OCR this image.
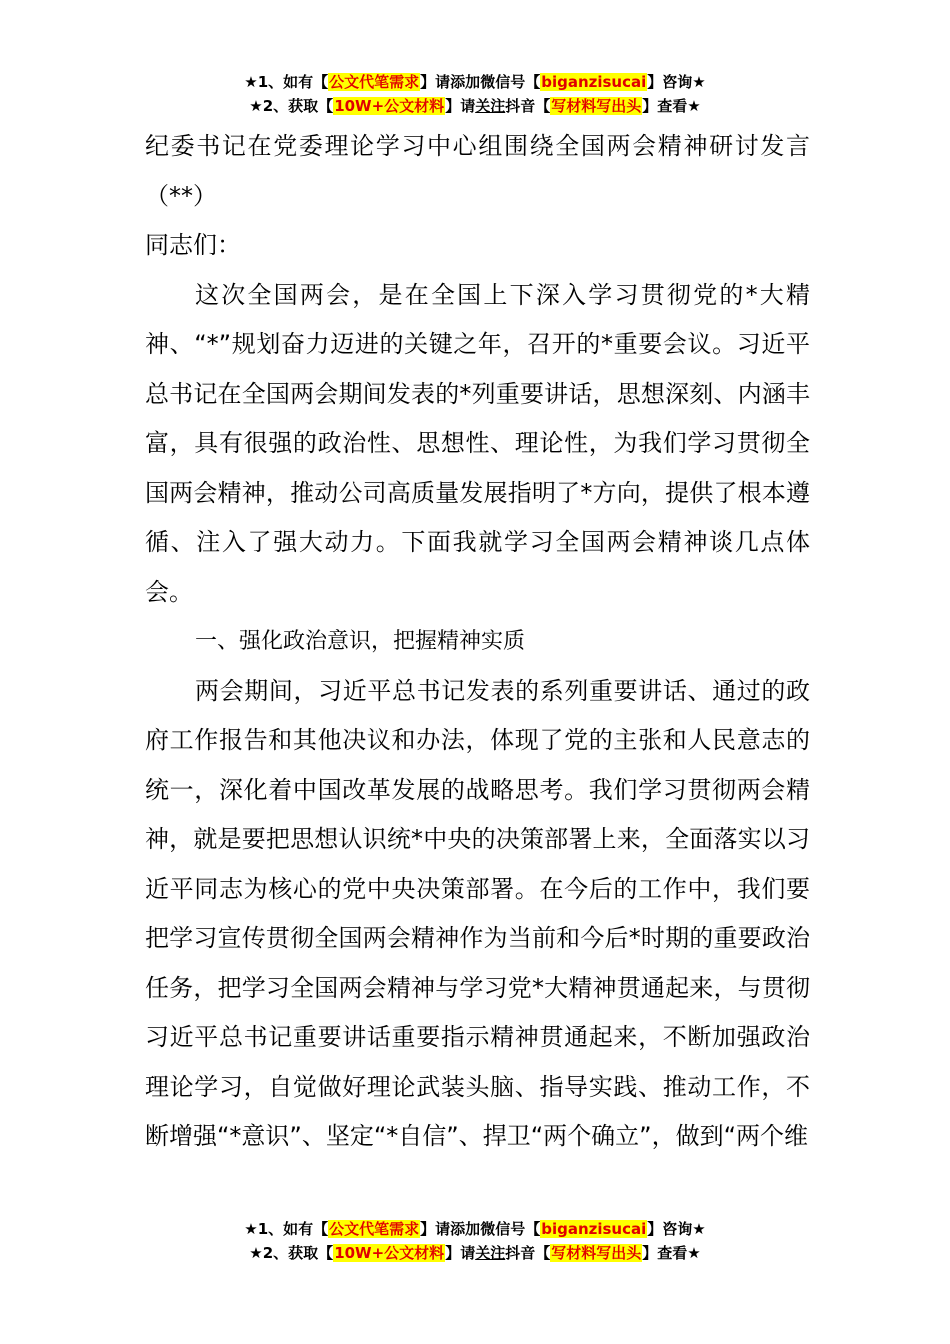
★1、如有【公文代笔需求】请添加微信号【biganzisucai】咨询★
★2、获取【10W+公文材料】请关注抖音【写材料写出头】查看★

纪委书记在党委理论学习中心组围绕全国两会精神研讨发言（**）

同志们：

这次全国两会，是在全国上下深入学习贯彻党的*大精神、“*”规划奋力迈进的关键之年，召开的*重要会议。习近平总书记在全国两会期间发表的*列重要讲话，思想深刻、内涵丰富，具有很强的政治性、思想性、理论性，为我们学习贯彻全国两会精神，推动公司高质量发展指明了*方向，提供了根本遵循、注入了强大动力。下面我就学习全国两会精神谈几点体会。

一、强化政治意识，把握精神实质

两会期间，习近平总书记发表的系列重要讲话、通过的政府工作报告和其他决议和办法，体现了党的主张和人民意志的统一，深化着中国改革发展的战略思考。我们学习贯彻两会精神，就是要把思想认识统*中央的决策部署上来，全面落实以习近平同志为核心的党中央决策部署。在今后的工作中，我们要把学习宣传贯彻全国两会精神作为当前和今后*时期的重要政治任务，把学习全国两会精神与学习党*大精神贯通起来，与贯彻习近平总书记重要讲话重要指示精神贯通起来，不断加强政治理论学习，自觉做好理论武装头脑、指导实践、推动工作，不断增强“*意识”、坚定“*自信”、捍卫“两个确立”，做到“两个维

★1、如有【公文代笔需求】请添加微信号【biganzisucai】咨询★
★2、获取【10W+公文材料】请关注抖音【写材料写出头】查看★
